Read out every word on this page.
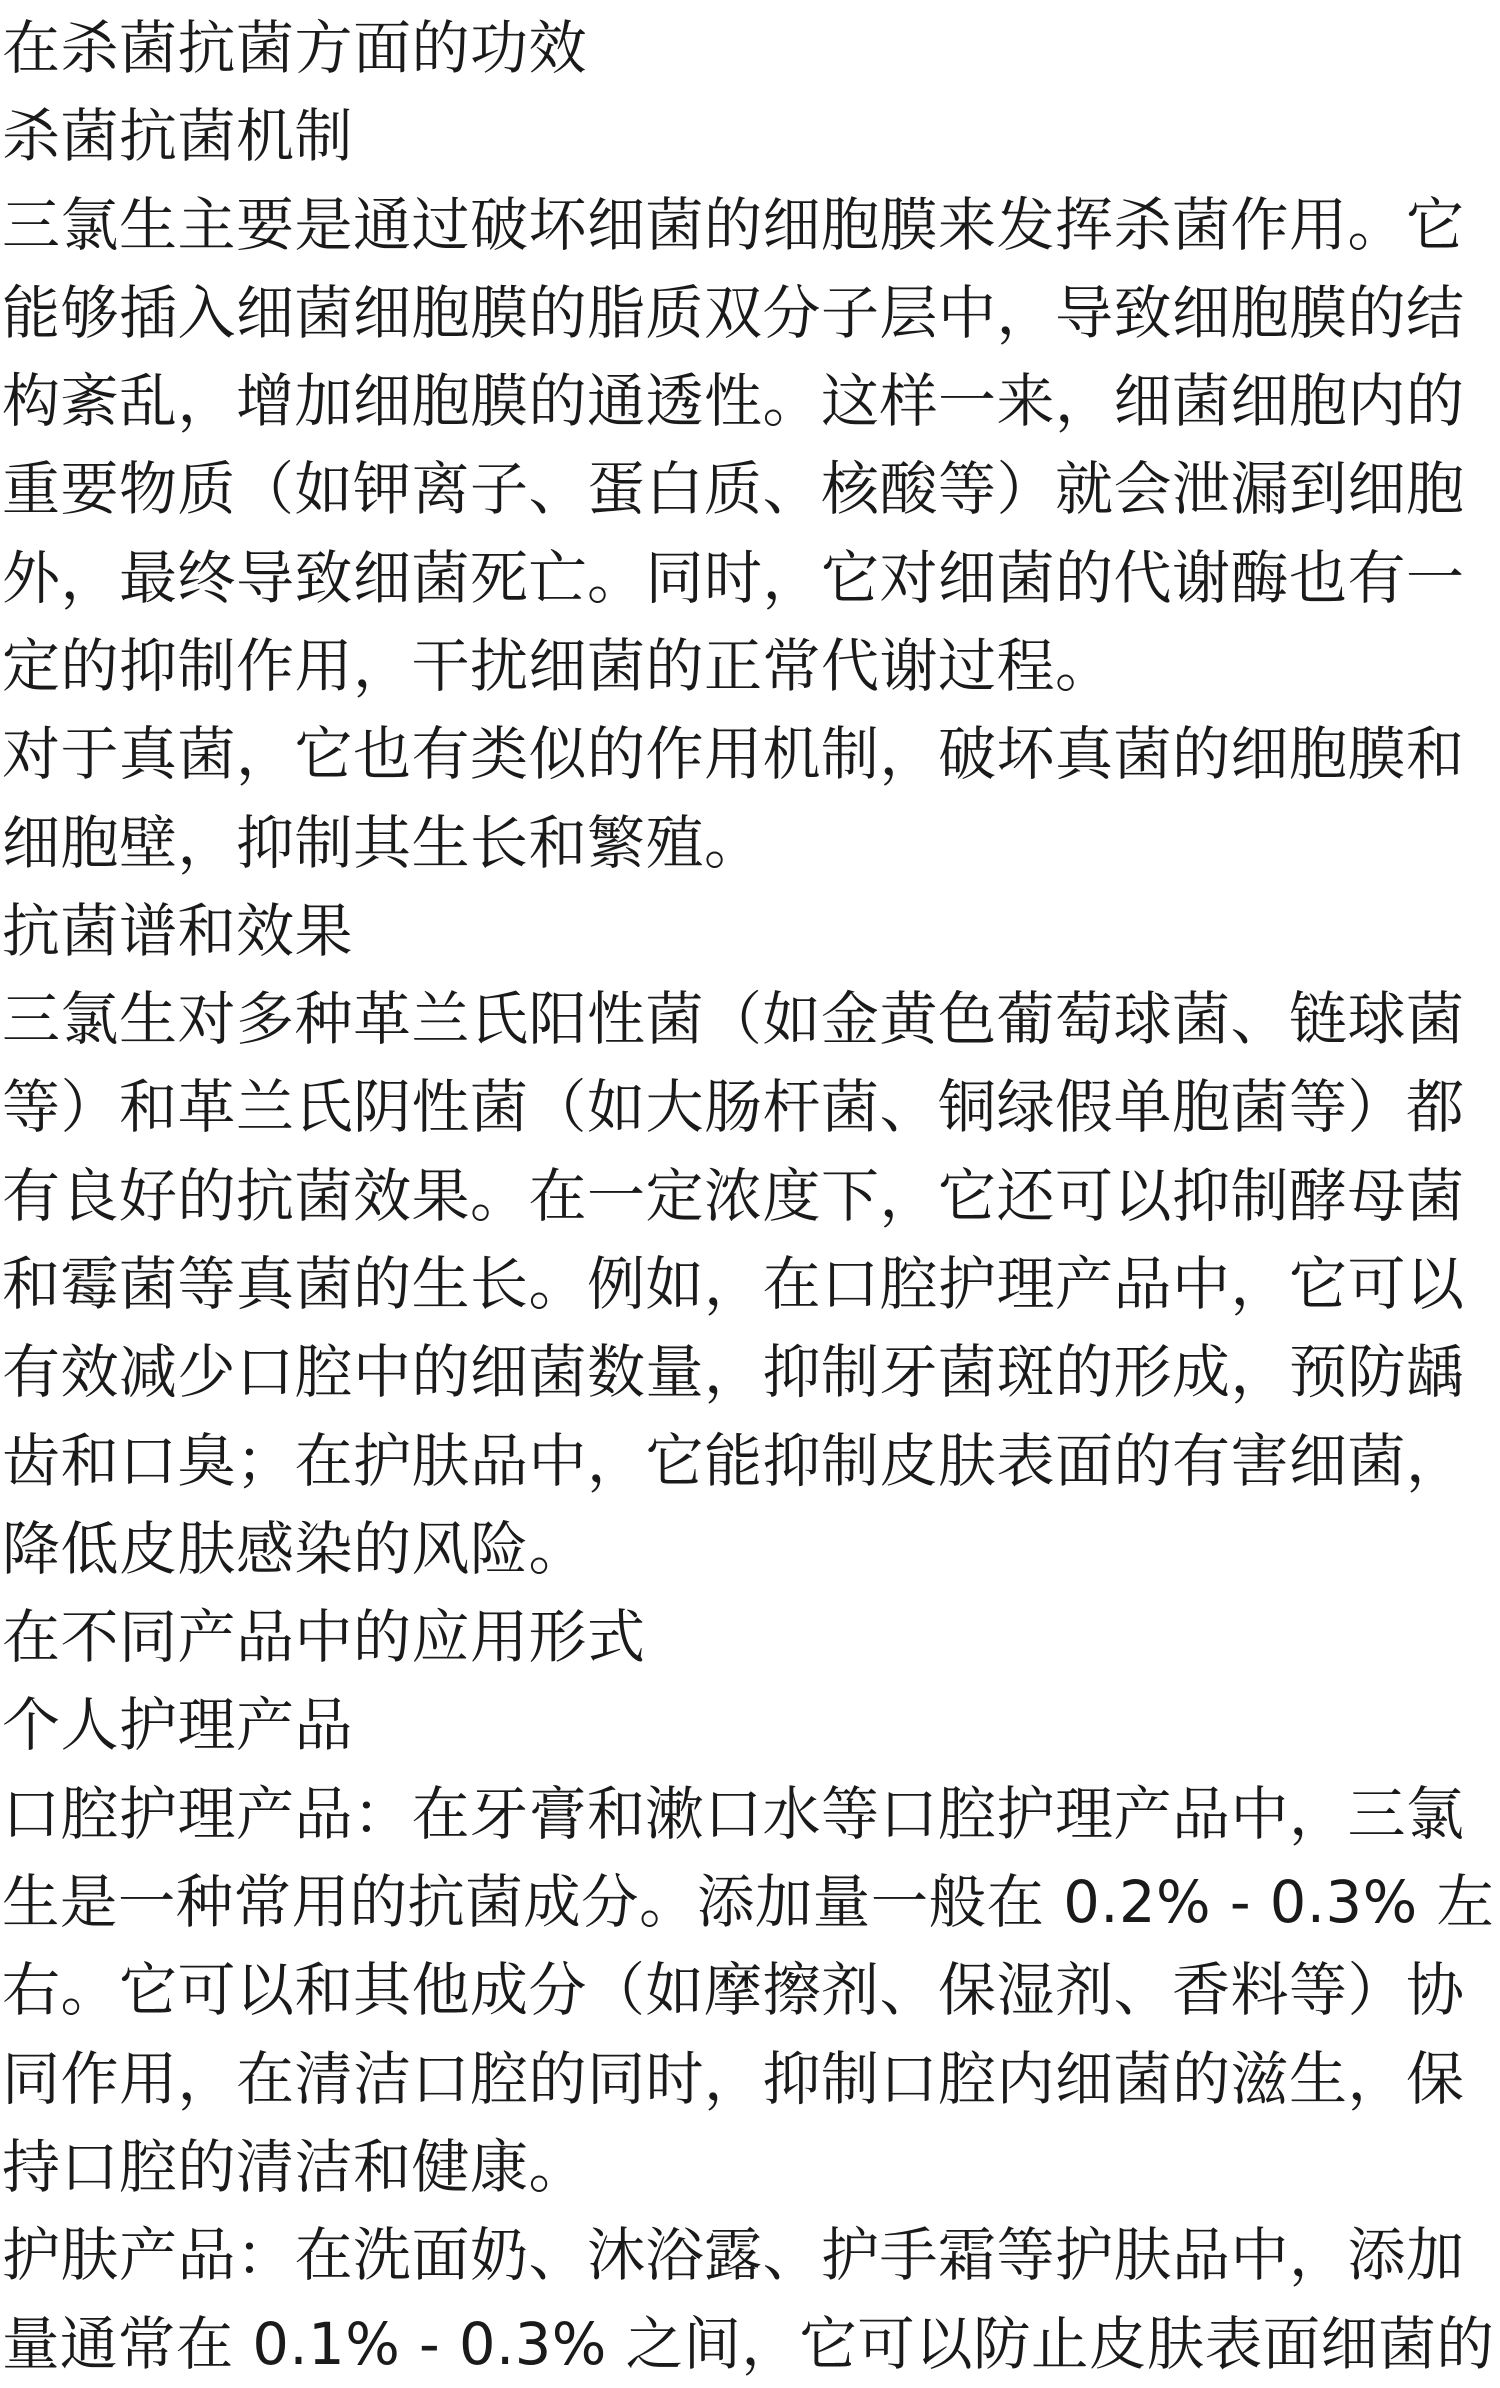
在杀菌抗菌方面的功效
杀菌抗菌机制
三氯生主要是通过破坏细菌的细胞膜来发挥杀菌作用。它
能够插入细菌细胞膜的脂质双分子层中，导致细胞膜的结
构紊乱，增加细胞膜的通透性。这样一来，细菌细胞内的
重要物质（如钾离子、蛋白质、核酸等）就会泄漏到细胞
外，最终导致细菌死亡。同时，它对细菌的代谢酶也有一
定的抑制作用，干扰细菌的正常代谢过程。
对于真菌，它也有类似的作用机制，破坏真菌的细胞膜和
细胞壁，抑制其生长和繁殖。
抗菌谱和效果
三氯生对多种革兰氏阳性菌（如金黄色葡萄球菌、链球菌
等）和革兰氏阴性菌（如大肠杆菌、铜绿假单胞菌等）都
有良好的抗菌效果。在一定浓度下，它还可以抑制酵母菌
和霉菌等真菌的生长。例如，在口腔护理产品中，它可以
有效减少口腔中的细菌数量，抑制牙菌斑的形成，预防龋
齿和口臭；在护肤品中，它能抑制皮肤表面的有害细菌，
降低皮肤感染的风险。
在不同产品中的应用形式
个人护理产品
口腔护理产品：在牙膏和漱口水等口腔护理产品中，三氯
生是一种常用的抗菌成分。添加量一般在 0.2% - 0.3% 左
右。它可以和其他成分（如摩擦剂、保湿剂、香料等）协
同作用，在清洁口腔的同时，抑制口腔内细菌的滋生，保
持口腔的清洁和健康。
护肤产品：在洗面奶、沐浴露、护手霜等护肤品中，添加
量通常在 0.1% - 0.3% 之间，它可以防止皮肤表面细菌的
